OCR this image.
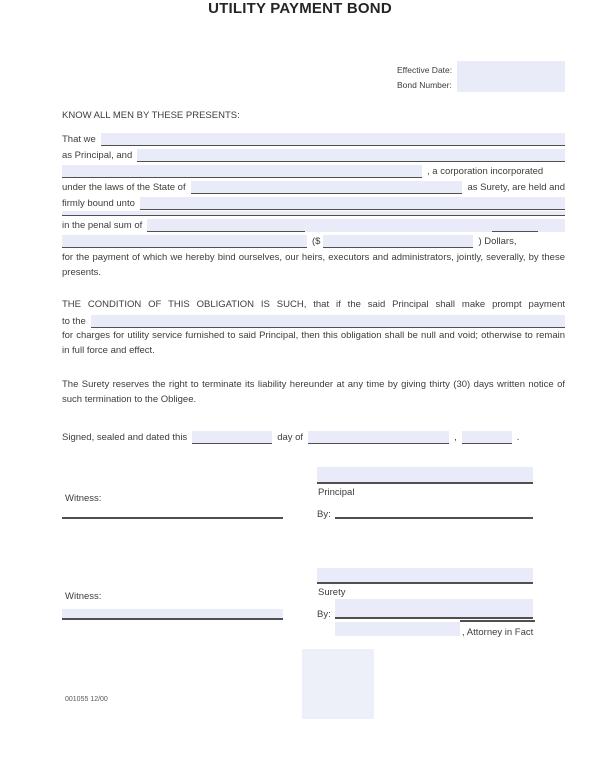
UTILITY PAYMENT BOND
Effective Date:
Bond Number:
KNOW ALL MEN BY THESE PRESENTS:
That we
as Principal, and
, a corporation incorporated
under the laws of the State of	as Surety, are held and
firmly bound unto
in the penal sum of
($	) Dollars,
for the payment of which we hereby bind ourselves, our heirs, executors and administrators, jointly, severally, by these presents.
THE CONDITION OF THIS OBLIGATION IS SUCH, that if the said Principal shall make prompt payment
to the
for charges for utility service furnished to said Principal, then this obligation shall be null and void; otherwise to remain in full force and effect.
The Surety reserves the right to terminate its liability hereunder at any time by giving thirty (30) days written notice of such termination to the Obligee.
Signed, sealed and dated this	day of	,	.
Principal
Witness:
By:
Surety
Witness:
By:
, Attorney in Fact
001055 12/00
